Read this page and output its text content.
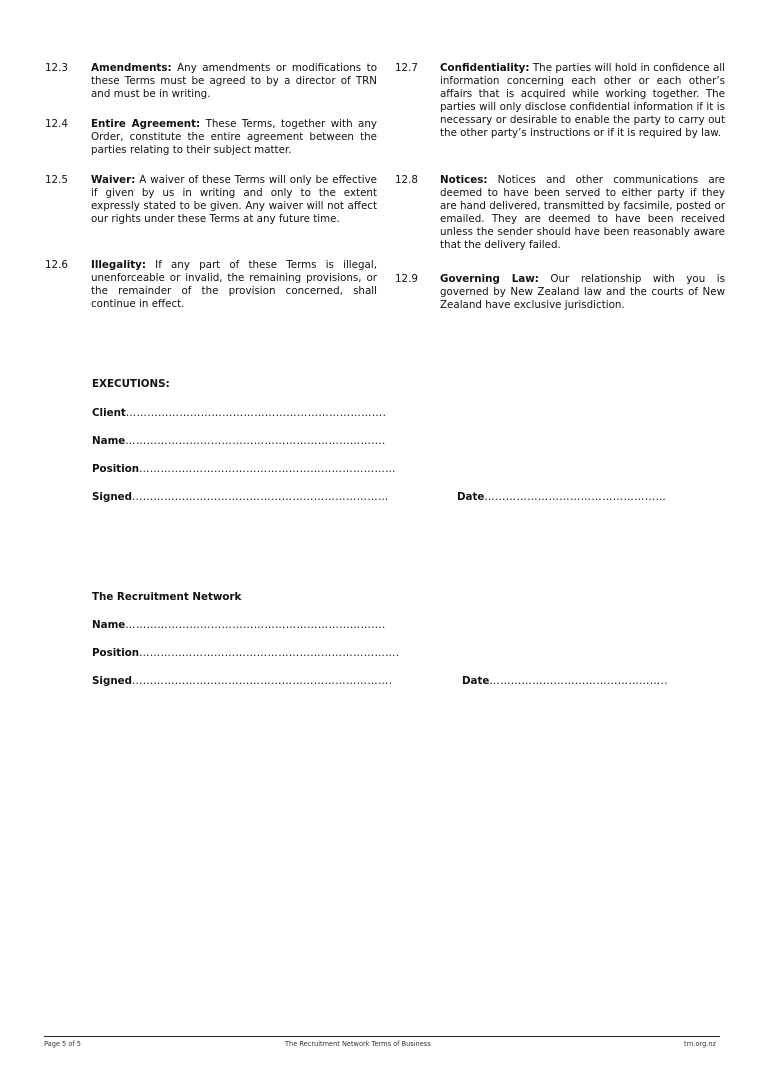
12.3 Amendments: Any amendments or modifications to these Terms must be agreed to by a director of TRN and must be in writing.
12.4 Entire Agreement: These Terms, together with any Order, constitute the entire agreement between the parties relating to their subject matter.
12.5 Waiver: A waiver of these Terms will only be effective if given by us in writing and only to the extent expressly stated to be given. Any waiver will not affect our rights under these Terms at any future time.
12.6 Illegality: If any part of these Terms is illegal, unenforceable or invalid, the remaining provisions, or the remainder of the provision concerned, shall continue in effect.
12.7 Confidentiality: The parties will hold in confidence all information concerning each other or each other’s affairs that is acquired while working together. The parties will only disclose confidential information if it is necessary or desirable to enable the party to carry out the other party’s instructions or if it is required by law.
12.8 Notices: Notices and other communications are deemed to have been served to either party if they are hand delivered, transmitted by facsimile, posted or emailed. They are deemed to have been received unless the sender should have been reasonably aware that the delivery failed.
12.9 Governing Law: Our relationship with you is governed by New Zealand law and the courts of New Zealand have exclusive jurisdiction.
EXECUTIONS:
Client……………………………………………………………….
Name……………………………………………………………….
Position………………………………………………………………
Signed………………………………………………………………	Date……………………………………………
The Recruitment Network
Name……………………………………………………………….
Position……………………………………………………………….
Signed……………………………………………………………….	Date…………………………………………..
Page 5 of 5	The Recruitment Network Terms of Business	trn.org.nz
